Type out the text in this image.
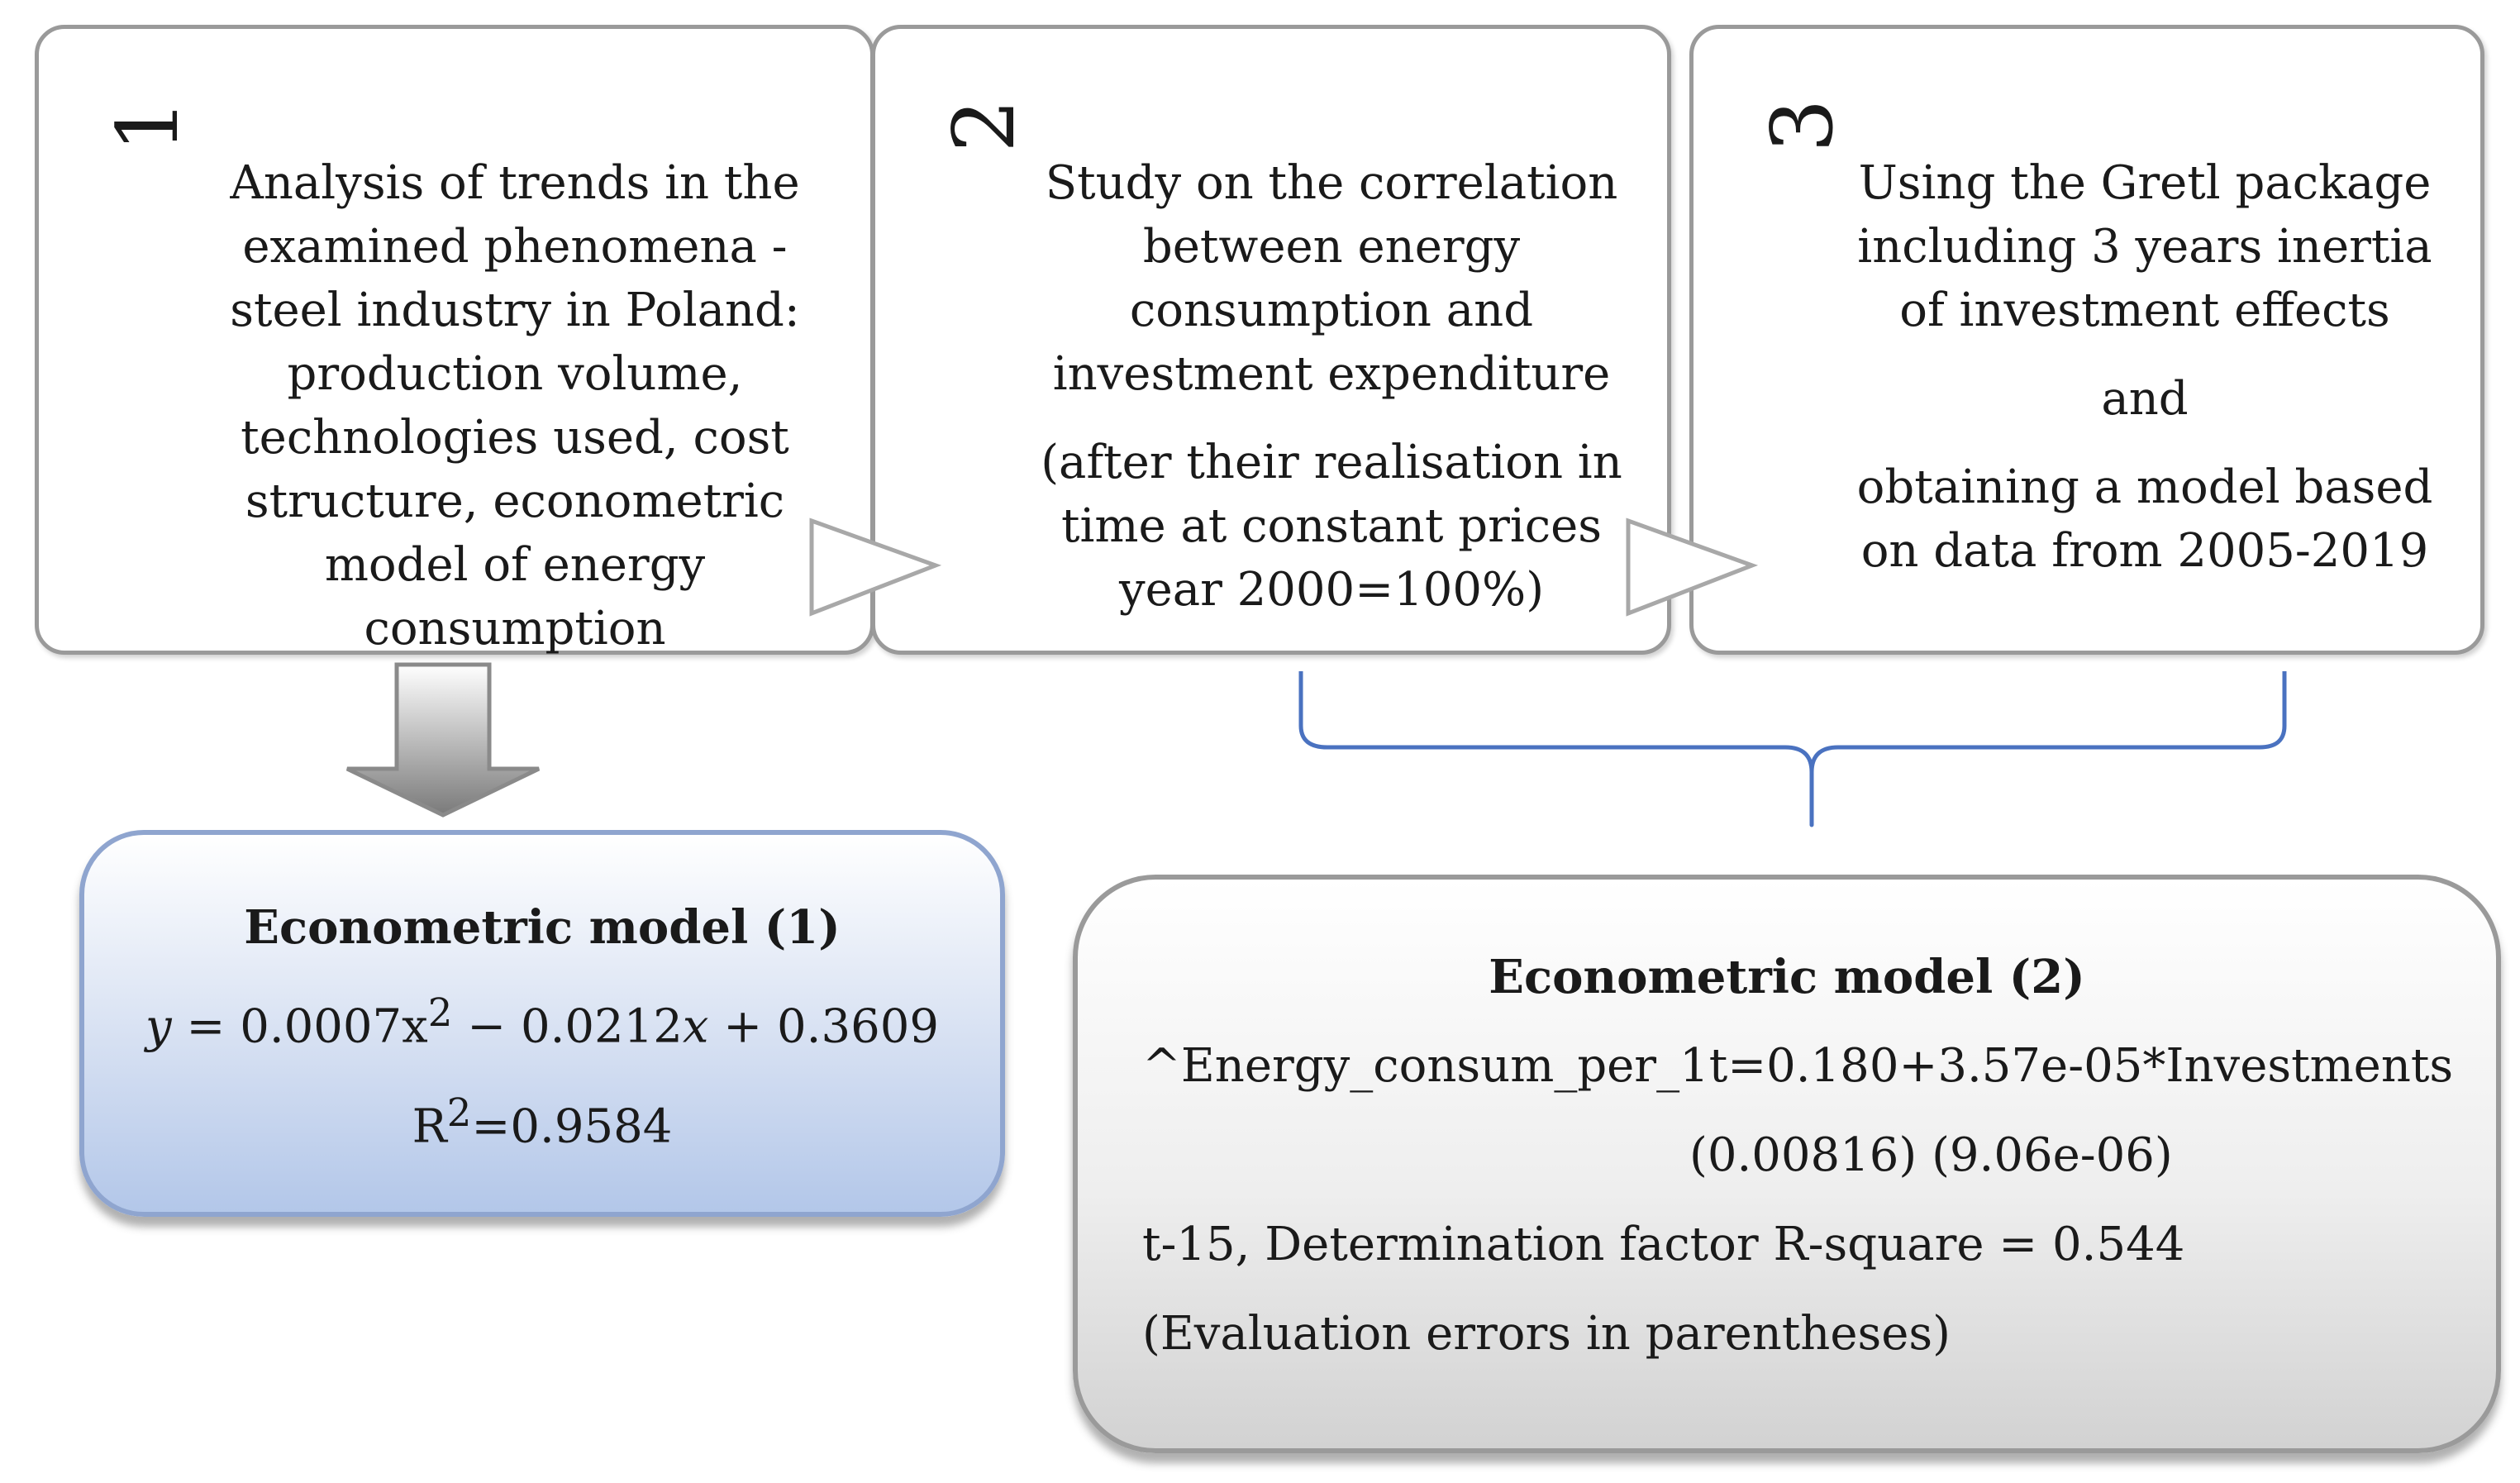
1

Analysis of trends in the examined phenomena - steel industry in Poland: production volume, technologies used, cost structure, econometric model of energy consumption

2

Study on the correlation between energy consumption and investment expenditure

(after their realisation in time at constant prices year 2000=100%)

3

Using the Gretl package including 3 years inertia of investment effects

and

obtaining a model based on data from 2005-2019

Econometric model (1)

$y = 0.0007x^2 - 0.0212x + 0.3609$

$R^2=0.9584$

Econometric model (2)

^Energy_consum_per_1t=0.180+3.57e-05*Investments

(0.00816) (9.06e-06)

t-15, Determination factor R-square = 0.544

(Evaluation errors in parentheses)
